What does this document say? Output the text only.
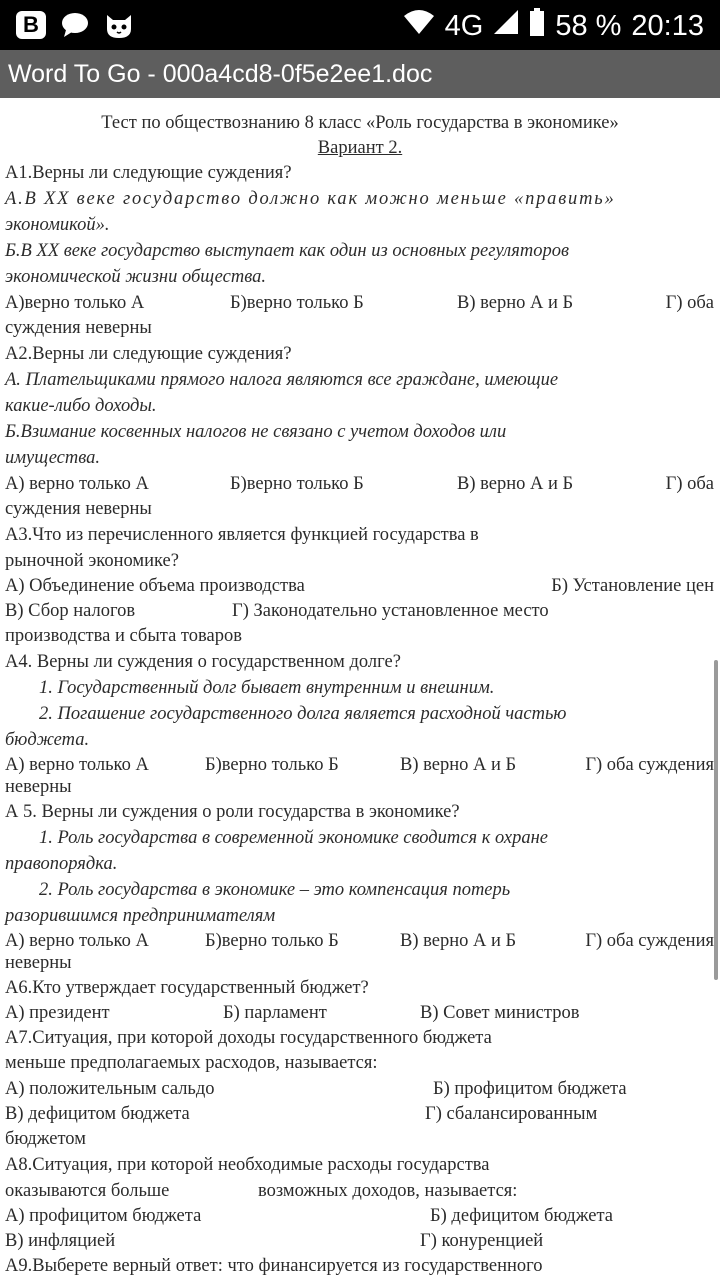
В	4G 58 % 20:13
Word To Go - 000a4cd8-0f5e2ee1.doc
Тест по обществознанию 8 класс «Роль государства в экономике»
Вариант 2.
А1.Верны ли следующие суждения?
А.В XX веке государство должно как можно меньше «править»
экономикой».
Б.В XX веке государство выступает как один из основных регуляторов
экономической жизни общества.
А)верно только А	Б)верно только Б	В) верно А и Б	Г) оба
суждения неверны
А2.Верны ли следующие суждения?
А. Плательщиками прямого налога являются все граждане, имеющие
какие-либо доходы.
Б.Взимание косвенных налогов не связано с учетом доходов или
имущества.
А) верно только А	Б)верно только Б	В) верно А и Б	Г) оба
суждения неверны
А3.Что из перечисленного является функцией государства в
рыночной экономике?
А) Объединение объема производства	Б) Установление цен
В) Сбор налогов	Г) Законодательно установленное место
производства и сбыта товаров
А4. Верны ли суждения о государственном долге?
1. Государственный долг бывает внутренним и внешним.
2. Погашение государственного долга является расходной частью
бюджета.
А) верно только А	Б)верно только Б	В) верно А и Б	Г) оба суждения
неверны
А 5. Верны ли суждения о роли государства в экономике?
1. Роль государства в современной экономике сводится к охране
правопорядка.
2. Роль государства в экономике – это компенсация потерь
разорившимся предпринимателям
А) верно только А	Б)верно только Б	В) верно А и Б	Г) оба суждения
неверны
А6.Кто утверждает государственный бюджет?
А) президент	Б) парламент	В) Совет министров
А7.Ситуация, при которой доходы государственного бюджета
меньше предполагаемых расходов, называется:
А) положительным сальдо	Б) профицитом бюджета
В) дефицитом бюджета	Г) сбалансированным
бюджетом
А8.Ситуация, при которой необходимые расходы государства
оказываются больше	возможных доходов, называется:
А) профицитом бюджета	Б) дефицитом бюджета
В) инфляцией	Г) конуренцией
А9.Выберете верный ответ: что финансируется из государственного
